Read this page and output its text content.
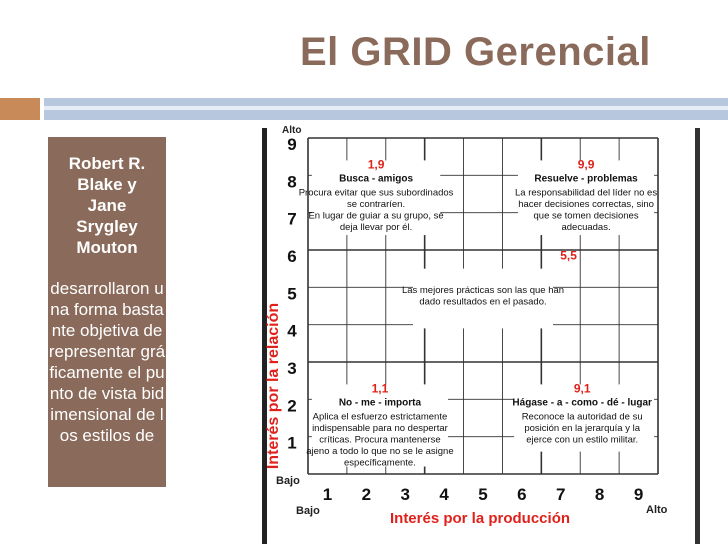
El GRID Gerencial
Robert R.
Blake y
Jane
Srygley
Mouton
desarrollaron una forma bastante objetiva de representar gráficamente el punto de vista bidimensional de los estilos de	Interés por la relación
Interés por la producción
Alto
Bajo
Bajo	Alto
9
8
7
6
5
4
3
2
1
1 2 3 4 5 6 7 8 9
1,9
Busca - amigos
Procura evitar que sus subordinados
se contraríen.
En lugar de guiar a su grupo, se
deja llevar por él.
9,9
Resuelve - problemas
La responsabilidad del líder no es
hacer decisiones correctas, sino
que se tomen decisiones
adecuadas.
5,5
Las mejores prácticas son las que han
dado resultados en el pasado.
1,1
No - me - importa
Aplica el esfuerzo estrictamente
indispensable para no despertar
críticas. Procura mantenerse
ajeno a todo lo que no se le asigne
específicamente.
9,1
Hágase - a - como - dé - lugar
Reconoce la autoridad de su
posición en la jerarquía y la
ejerce con un estilo militar.
